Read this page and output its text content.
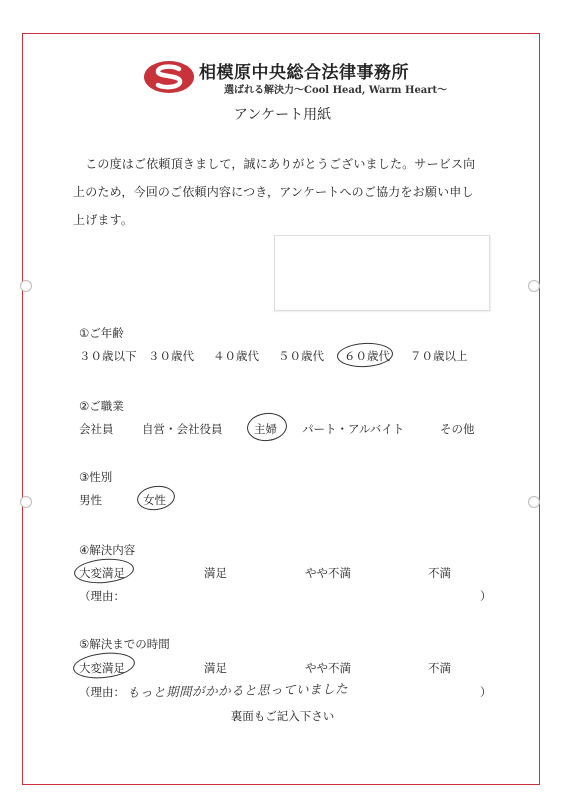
相模原中央総合法律事務所
選ばれる解決力〜Cool Head, Warm Heart〜
アンケート用紙
　この度はご依頼頂きまして，誠にありがとうございました。サービス向
上のため，今回のご依頼内容につき，アンケートへのご協力をお願い申し
上げます。
①ご年齢
３０歳以下 ３０歳代 ４０歳代 ５０歳代 ６０歳代 ７０歳以上
②ご職業
会社員 自営・会社役員	主婦 パート・アルバイト	その他
③性別
男性	女性
④解決内容
大変満足	満足	やや不満	不満
（理由：	）
⑤解決までの時間
大変満足	満足	やや不満	不満
（理由： もっと期間がかかると思っていました	）
裏面もご記入下さい
